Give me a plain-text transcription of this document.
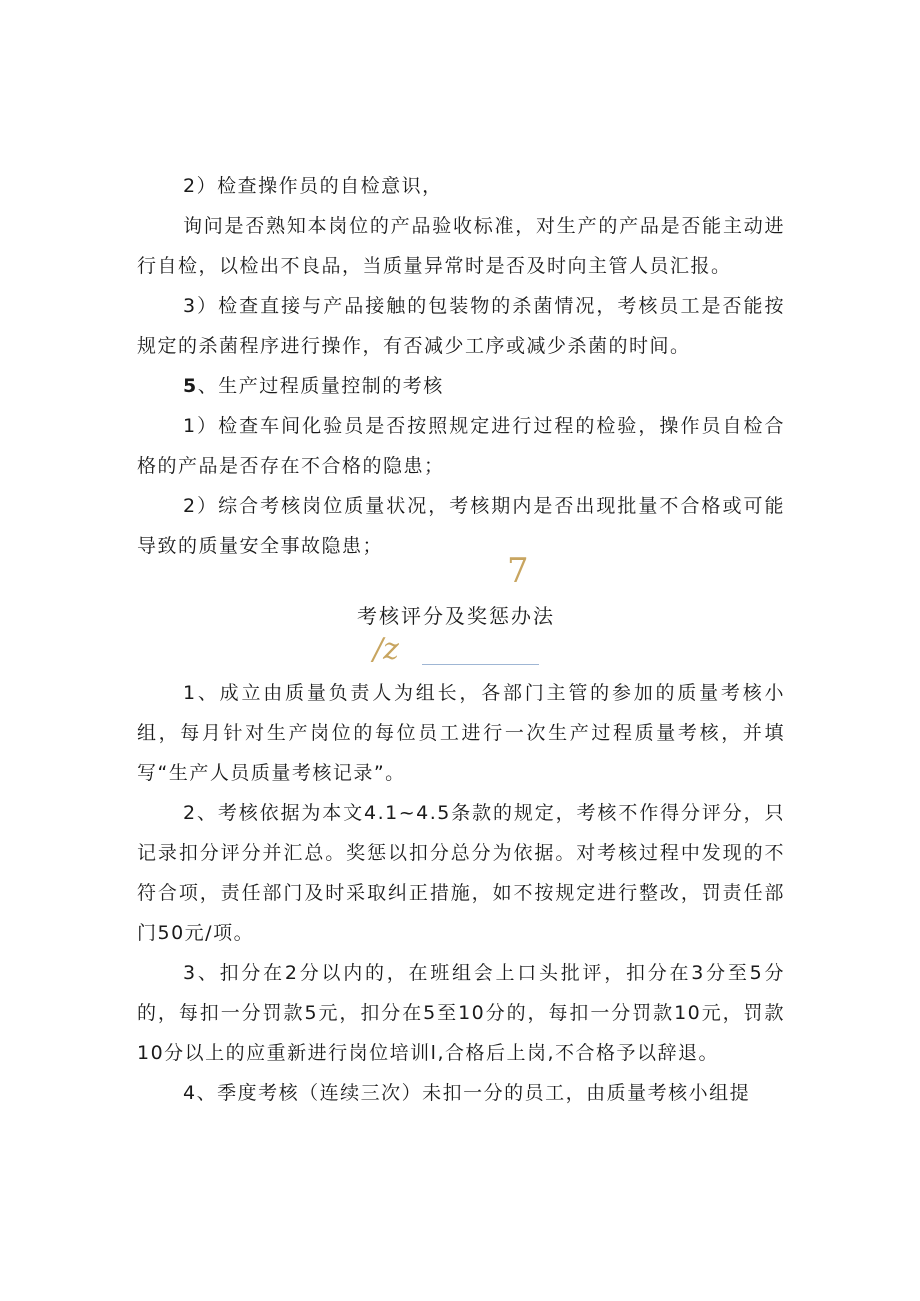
2）检查操作员的自检意识，

询问是否熟知本岗位的产品验收标准，对生产的产品是否能主动进行自检，以检出不良品，当质量异常时是否及时向主管人员汇报。

3）检查直接与产品接触的包装物的杀菌情况，考核员工是否能按规定的杀菌程序进行操作，有否减少工序或减少杀菌的时间。

5、生产过程质量控制的考核

1）检查车间化验员是否按照规定进行过程的检验，操作员自检合格的产品是否存在不合格的隐患；

2）综合考核岗位质量状况，考核期内是否出现批量不合格或可能导致的质量安全事故隐患；

7

考核评分及奖惩办法

/z

1、成立由质量负责人为组长，各部门主管的参加的质量考核小组，每月针对生产岗位的每位员工进行一次生产过程质量考核，并填写“生产人员质量考核记录”。

2、考核依据为本文4.1~4.5条款的规定，考核不作得分评分，只记录扣分评分并汇总。奖惩以扣分总分为依据。对考核过程中发现的不符合项，责任部门及时采取纠正措施，如不按规定进行整改，罚责任部门50元/项。

3、扣分在2分以内的，在班组会上口头批评，扣分在3分至5分的，每扣一分罚款5元，扣分在5至10分的，每扣一分罚款10元，罚款10分以上的应重新进行岗位培训l,合格后上岗,不合格予以辞退。

4、季度考核（连续三次）未扣一分的员工，由质量考核小组提
